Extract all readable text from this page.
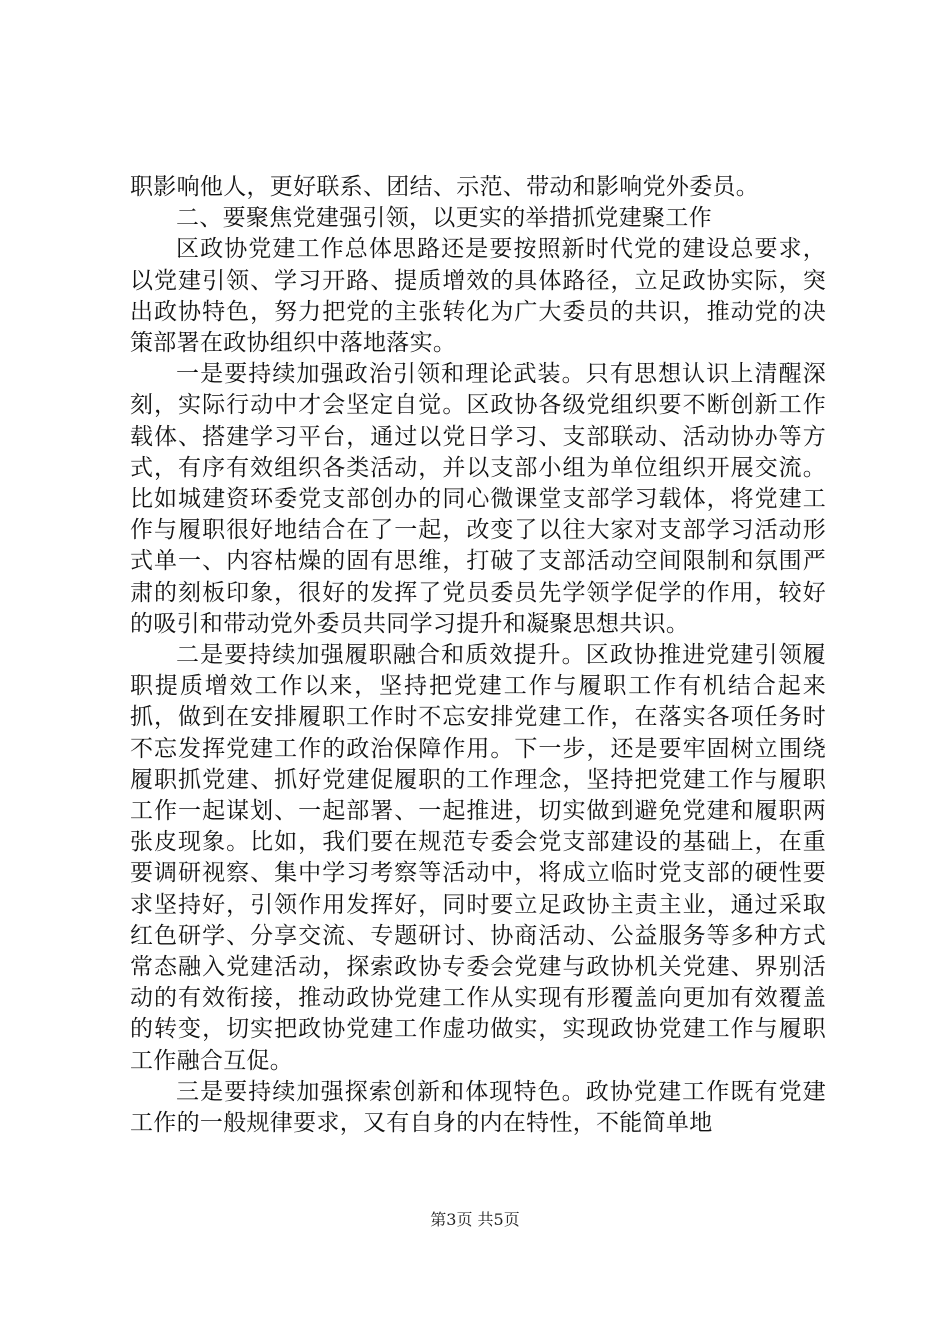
职影响他人，更好联系、团结、示范、带动和影响党外委员。

二、要聚焦党建强引领，以更实的举措抓党建聚工作

区政协党建工作总体思路还是要按照新时代党的建设总要求，以党建引领、学习开路、提质增效的具体路径，立足政协实际，突出政协特色，努力把党的主张转化为广大委员的共识，推动党的决策部署在政协组织中落地落实。

一是要持续加强政治引领和理论武装。只有思想认识上清醒深刻，实际行动中才会坚定自觉。区政协各级党组织要不断创新工作载体、搭建学习平台，通过以党日学习、支部联动、活动协办等方式，有序有效组织各类活动，并以支部小组为单位组织开展交流。比如城建资环委党支部创办的同心微课堂支部学习载体，将党建工作与履职很好地结合在了一起，改变了以往大家对支部学习活动形式单一、内容枯燥的固有思维，打破了支部活动空间限制和氛围严肃的刻板印象，很好的发挥了党员委员先学领学促学的作用，较好的吸引和带动党外委员共同学习提升和凝聚思想共识。

二是要持续加强履职融合和质效提升。区政协推进党建引领履职提质增效工作以来，坚持把党建工作与履职工作有机结合起来抓，做到在安排履职工作时不忘安排党建工作，在落实各项任务时不忘发挥党建工作的政治保障作用。下一步，还是要牢固树立围绕履职抓党建、抓好党建促履职的工作理念，坚持把党建工作与履职工作一起谋划、一起部署、一起推进，切实做到避免党建和履职两张皮现象。比如，我们要在规范专委会党支部建设的基础上，在重要调研视察、集中学习考察等活动中，将成立临时党支部的硬性要求坚持好，引领作用发挥好，同时要立足政协主责主业，通过采取红色研学、分享交流、专题研讨、协商活动、公益服务等多种方式常态融入党建活动，探索政协专委会党建与政协机关党建、界别活动的有效衔接，推动政协党建工作从实现有形覆盖向更加有效覆盖的转变，切实把政协党建工作虚功做实，实现政协党建工作与履职工作融合互促。

三是要持续加强探索创新和体现特色。政协党建工作既有党建工作的一般规律要求，又有自身的内在特性，不能简单地

第3页 共5页
